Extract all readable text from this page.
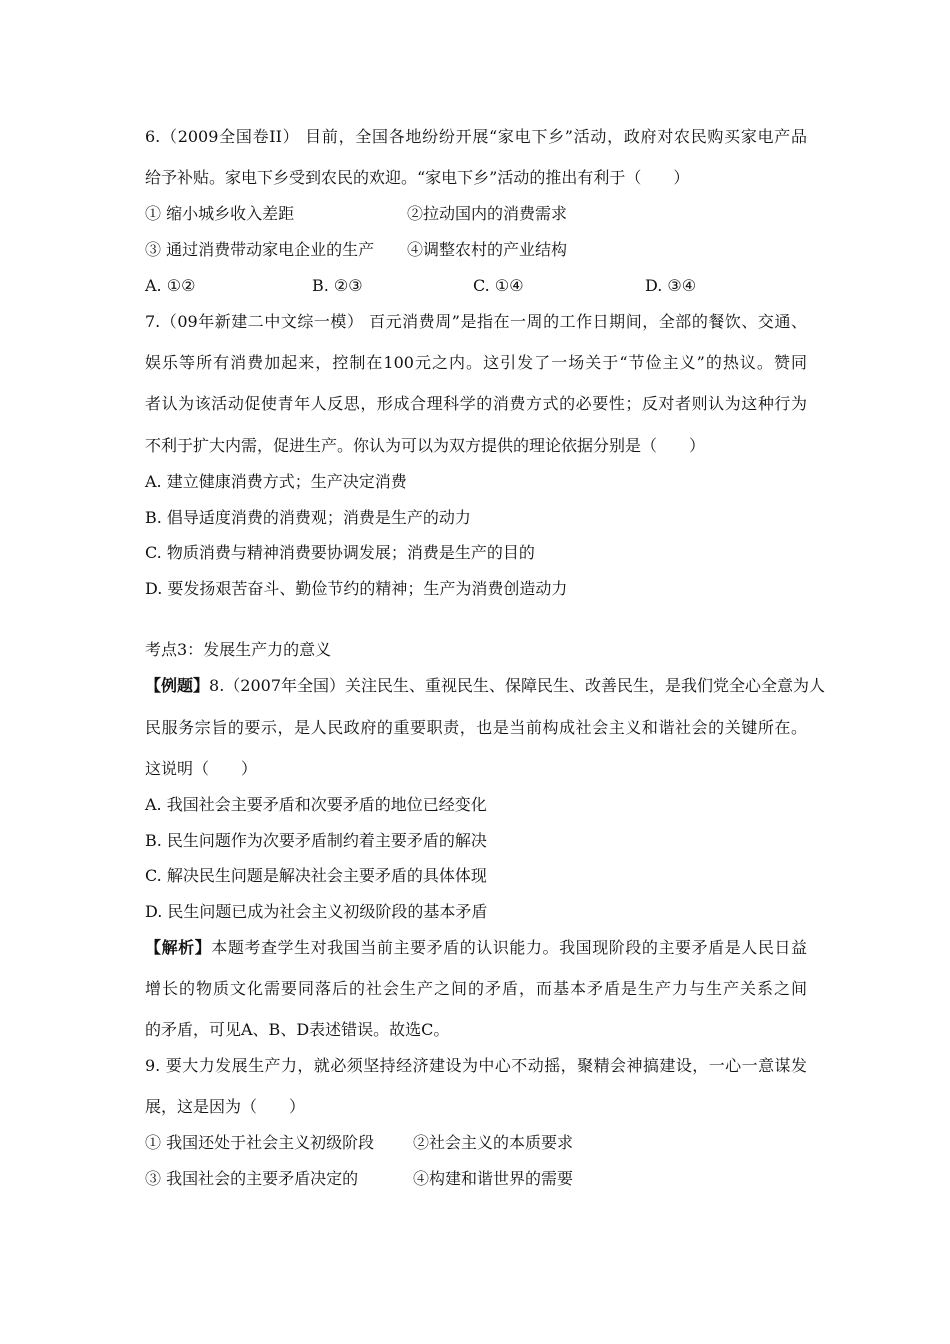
6.（2009全国卷II） 目前，全国各地纷纷开展“家电下乡”活动，政府对农民购买家电产品
给予补贴。家电下乡受到农民的欢迎。“家电下乡”活动的推出有利于（　　）
① 缩小城乡收入差距	②拉动国内的消费需求
③ 通过消费带动家电企业的生产 ④调整农村的产业结构
A. ①②	B. ②③	C. ①④	D. ③④
7.（09年新建二中文综一模） 百元消费周”是指在一周的工作日期间，全部的餐饮、交通、
娱乐等所有消费加起来，控制在100元之内。这引发了一场关于“节俭主义”的热议。赞同
者认为该活动促使青年人反思，形成合理科学的消费方式的必要性；反对者则认为这种行为
不利于扩大内需，促进生产。你认为可以为双方提供的理论依据分别是（　　）
A. 建立健康消费方式；生产决定消费
B. 倡导适度消费的消费观；消费是生产的动力
C. 物质消费与精神消费要协调发展；消费是生产的目的
D. 要发扬艰苦奋斗、勤俭节约的精神；生产为消费创造动力
考点3：发展生产力的意义
【例题】8.（2007年全国）关注民生、重视民生、保障民生、改善民生，是我们党全心全意为人
民服务宗旨的要示，是人民政府的重要职责，也是当前构成社会主义和谐社会的关键所在。
这说明（　　）
A. 我国社会主要矛盾和次要矛盾的地位已经变化
B. 民生问题作为次要矛盾制约着主要矛盾的解决
C. 解决民生问题是解决社会主要矛盾的具体体现
D. 民生问题已成为社会主义初级阶段的基本矛盾
【解析】本题考查学生对我国当前主要矛盾的认识能力。我国现阶段的主要矛盾是人民日益
增长的物质文化需要同落后的社会生产之间的矛盾，而基本矛盾是生产力与生产关系之间
的矛盾，可见A、B、D表述错误。故选C。
9. 要大力发展生产力，就必须坚持经济建设为中心不动摇，聚精会神搞建设，一心一意谋发
展，这是因为（　　）
① 我国还处于社会主义初级阶段 ②社会主义的本质要求
③ 我国社会的主要矛盾决定的	④构建和谐世界的需要
